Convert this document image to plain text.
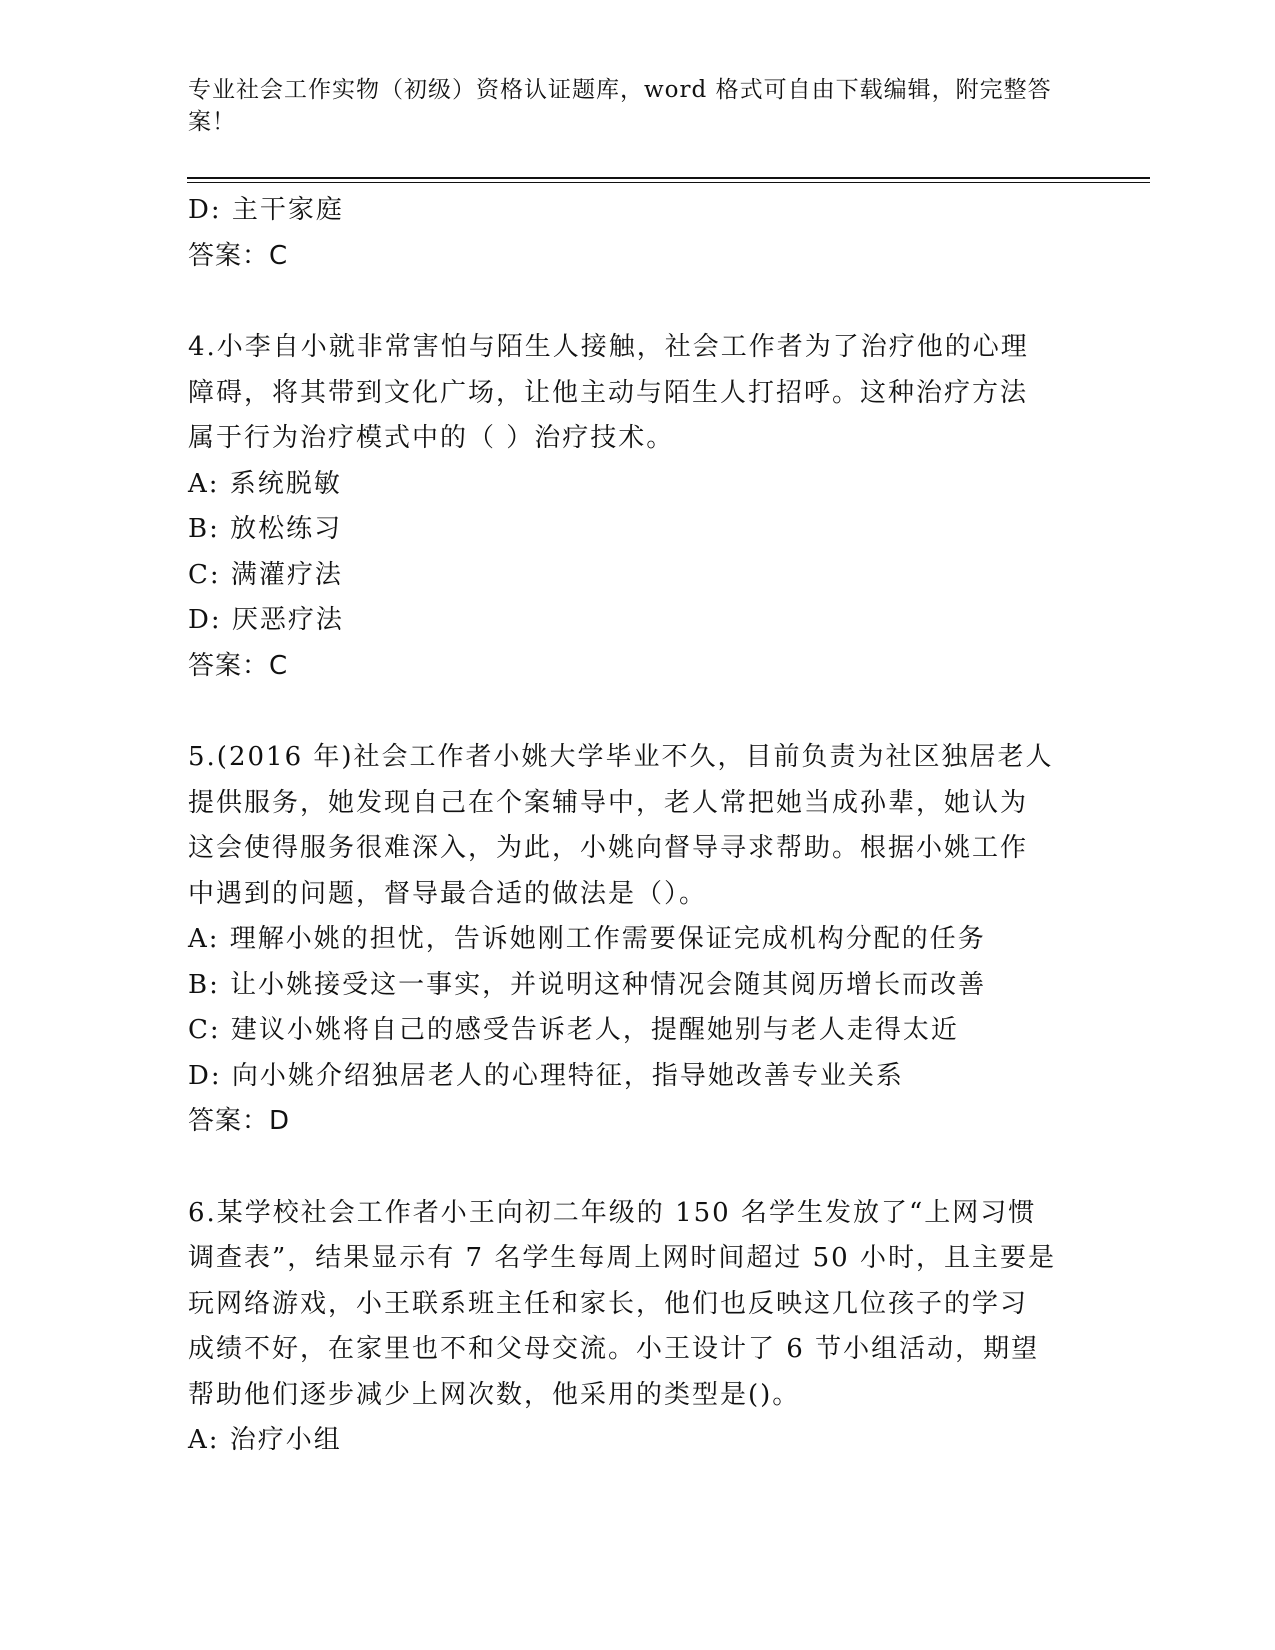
专业社会工作实物（初级）资格认证题库，word 格式可自由下载编辑，附完整答
案！
D: 主干家庭
答案：C
4.小李自小就非常害怕与陌生人接触，社会工作者为了治疗他的心理
障碍，将其带到文化广场，让他主动与陌生人打招呼。这种治疗方法
属于行为治疗模式中的（ ）治疗技术。
A: 系统脱敏
B: 放松练习
C: 满灌疗法
D: 厌恶疗法
答案：C
5.(2016 年)社会工作者小姚大学毕业不久，目前负责为社区独居老人
提供服务，她发现自己在个案辅导中，老人常把她当成孙辈，她认为
这会使得服务很难深入，为此，小姚向督导寻求帮助。根据小姚工作
中遇到的问题，督导最合适的做法是（）。
A: 理解小姚的担忧，告诉她刚工作需要保证完成机构分配的任务
B: 让小姚接受这一事实，并说明这种情况会随其阅历增长而改善
C: 建议小姚将自己的感受告诉老人，提醒她别与老人走得太近
D: 向小姚介绍独居老人的心理特征，指导她改善专业关系
答案：D
6.某学校社会工作者小王向初二年级的 150 名学生发放了“上网习惯
调查表”，结果显示有 7 名学生每周上网时间超过 50 小时，且主要是
玩网络游戏，小王联系班主任和家长，他们也反映这几位孩子的学习
成绩不好，在家里也不和父母交流。小王设计了 6 节小组活动，期望
帮助他们逐步减少上网次数，他采用的类型是()。
A: 治疗小组
